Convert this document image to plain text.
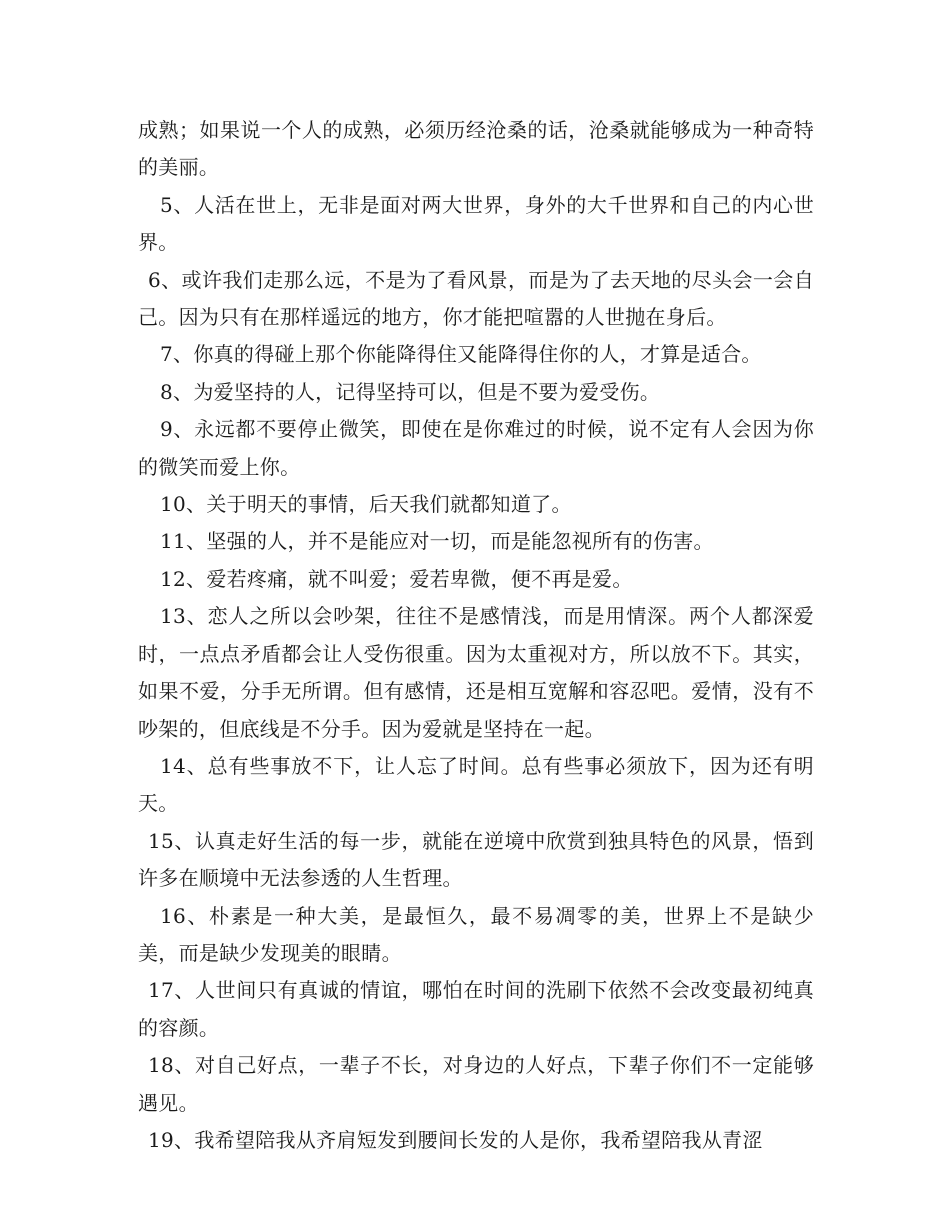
成熟；如果说一个人的成熟，必须历经沧桑的话，沧桑就能够成为一种奇特的美丽。

5、人活在世上，无非是面对两大世界，身外的大千世界和自己的内心世界。

6、或许我们走那么远，不是为了看风景，而是为了去天地的尽头会一会自己。因为只有在那样遥远的地方，你才能把喧嚣的人世抛在身后。

7、你真的得碰上那个你能降得住又能降得住你的人，才算是适合。

8、为爱坚持的人，记得坚持可以，但是不要为爱受伤。

9、永远都不要停止微笑，即使在是你难过的时候，说不定有人会因为你的微笑而爱上你。

10、关于明天的事情，后天我们就都知道了。

11、坚强的人，并不是能应对一切，而是能忽视所有的伤害。

12、爱若疼痛，就不叫爱；爱若卑微，便不再是爱。

13、恋人之所以会吵架，往往不是感情浅，而是用情深。两个人都深爱时，一点点矛盾都会让人受伤很重。因为太重视对方，所以放不下。其实，如果不爱，分手无所谓。但有感情，还是相互宽解和容忍吧。爱情，没有不吵架的，但底线是不分手。因为爱就是坚持在一起。

14、总有些事放不下，让人忘了时间。总有些事必须放下，因为还有明天。

15、认真走好生活的每一步，就能在逆境中欣赏到独具特色的风景，悟到许多在顺境中无法参透的人生哲理。

16、朴素是一种大美，是最恒久，最不易凋零的美，世界上不是缺少美，而是缺少发现美的眼睛。

17、人世间只有真诚的情谊，哪怕在时间的洗刷下依然不会改变最初纯真的容颜。

18、对自己好点，一辈子不长，对身边的人好点，下辈子你们不一定能够遇见。

19、我希望陪我从齐肩短发到腰间长发的人是你，我希望陪我从青涩
